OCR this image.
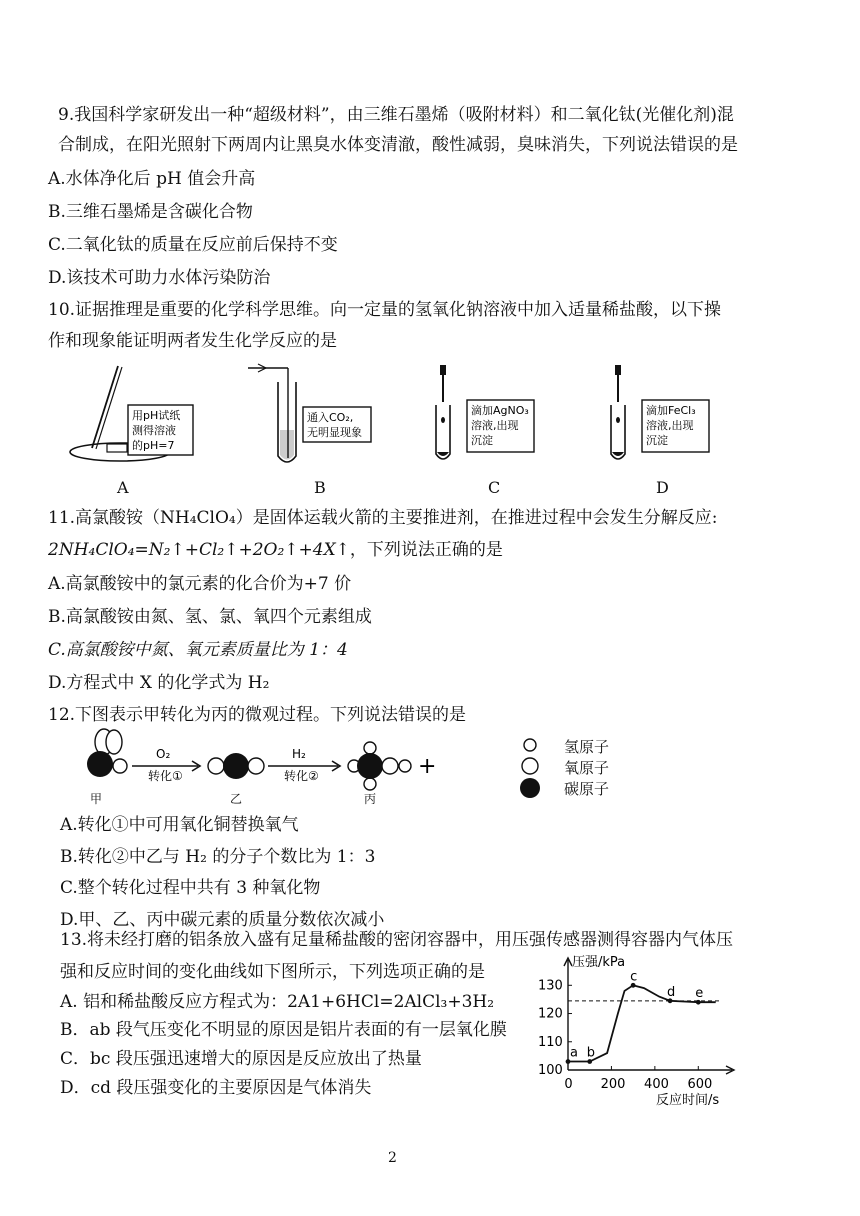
9.我国科学家研发出一种“超级材料”，由三维石墨烯（吸附材料）和二氧化钛(光催化剂)混
合制成，在阳光照射下两周内让黑臭水体变清澈，酸性减弱，臭味消失，下列说法错误的是
A.水体净化后 pH 值会升高
B.三维石墨烯是含碳化合物
C.二氧化钛的质量在反应前后保持不变
D.该技术可助力水体污染防治
10.证据推理是重要的化学科学思维。向一定量的氢氧化钠溶液中加入适量稀盐酸，以下操
作和现象能证明两者发生化学反应的是
用pH试纸
测得溶液
的pH=7
通入CO₂,
无明显现象
滴加AgNO₃
溶液,出现
沉淀
滴加FeCl₃
溶液,出现
沉淀
A	B	C	D
11.高氯酸铵（NH₄ClO₄）是固体运载火箭的主要推进剂，在推进过程中会发生分解反应:
2NH₄ClO₄=N₂↑+Cl₂↑+2O₂↑+4X↑，下列说法正确的是
A.高氯酸铵中的氯元素的化合价为+7 价
B.高氯酸铵由氮、氢、氯、氧四个元素组成
C.高氯酸铵中氮、氧元素质量比为 1：4
D.方程式中 X 的化学式为 H₂
12.下图表示甲转化为丙的微观过程。下列说法错误的是
O₂
转化①
H₂
转化②	+
甲	乙	丙
氢原子
氧原子
碳原子
A.转化①中可用氧化铜替换氧气
B.转化②中乙与 H₂ 的分子个数比为 1：3
C.整个转化过程中共有 3 种氧化物
D.甲、乙、丙中碳元素的质量分数依次减小
13.将未经打磨的铝条放入盛有足量稀盐酸的密闭容器中，用压强传感器测得容器内气体压
强和反应时间的变化曲线如下图所示，下列选项正确的是
A. 铝和稀盐酸反应方程式为：2A1+6HCl=2AlCl₃+3H₂
B．ab 段气压变化不明显的原因是铝片表面的有一层氧化膜
C．bc 段压强迅速增大的原因是反应放出了热量
D．cd 段压强变化的主要原因是气体消失
压强/kPa
反应时间/s
0 200 400 600
100
110
120
130
a b
c
d e
2
